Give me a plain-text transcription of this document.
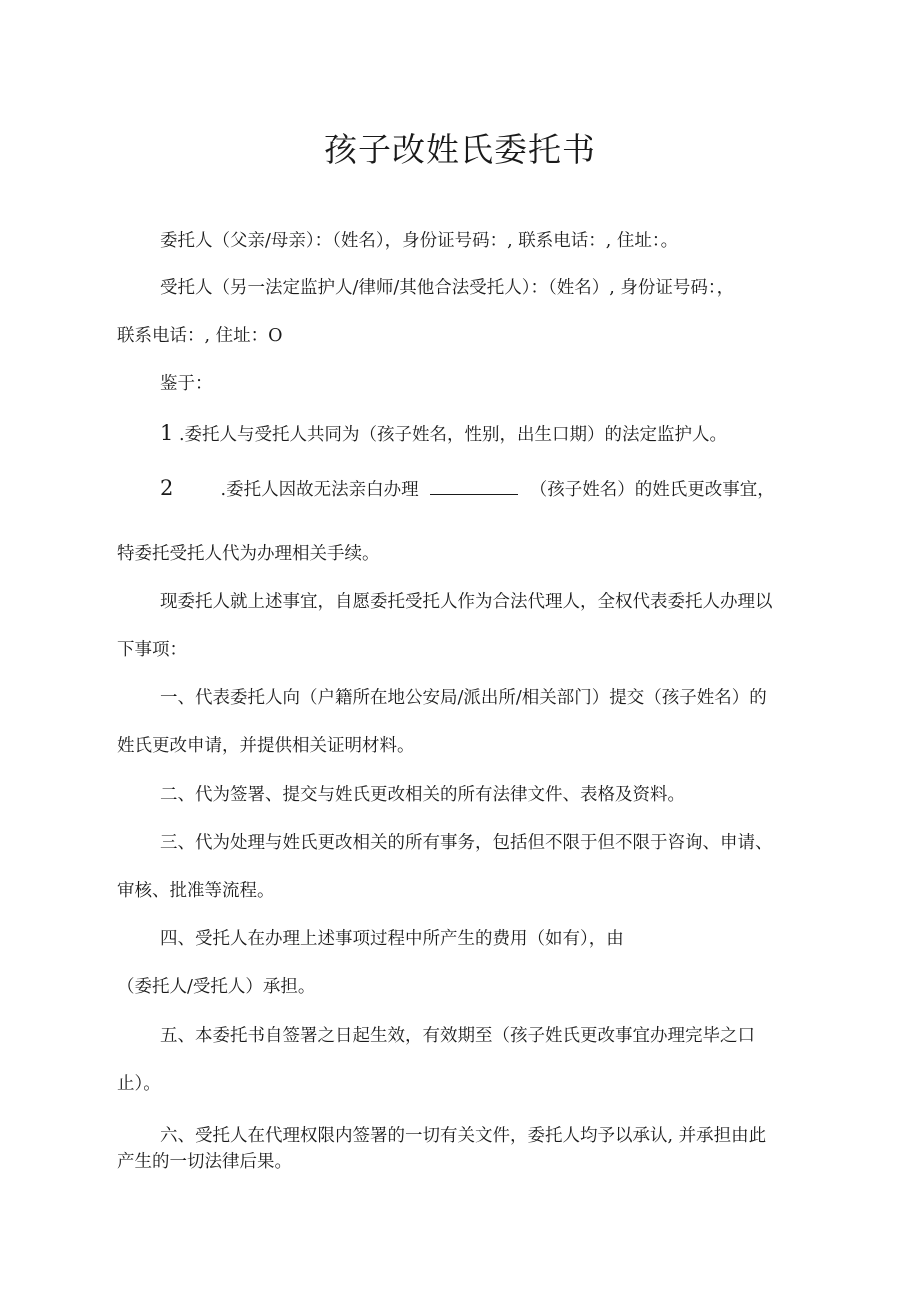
孩子改姓氏委托书
委托人（父亲/母亲）：（姓名），身份证号码：, 联系电话：, 住址：。
受托人（另一法定监护人/律师/其他合法受托人）：（姓名）, 身份证号码：，
联系电话：, 住址：O
鉴于：
1 .委托人与受托人共同为（孩子姓名，性别，出生口期）的法定监护人。
2	.委托人因故无法亲白办理	（孩子姓名）的姓氏更改事宜，
特委托受托人代为办理相关手续。
现委托人就上述事宜，自愿委托受托人作为合法代理人，全权代表委托人办理以
下事项：
一、代表委托人向（户籍所在地公安局/派出所/相关部门）提交（孩子姓名）的
姓氏更改申请，并提供相关证明材料。
二、代为签署、提交与姓氏更改相关的所有法律文件、表格及资料。
三、代为处理与姓氏更改相关的所有事务，包括但不限于但不限于咨询、申请、
审核、批准等流程。
四、受托人在办理上述事项过程中所产生的费用（如有），由
（委托人/受托人）承担。
五、本委托书自签署之日起生效，有效期至（孩子姓氏更改事宜办理完毕之口
止）。
六、受托人在代理权限内签署的一切有关文件，委托人均予以承认, 并承担由此
产生的一切法律后果。
